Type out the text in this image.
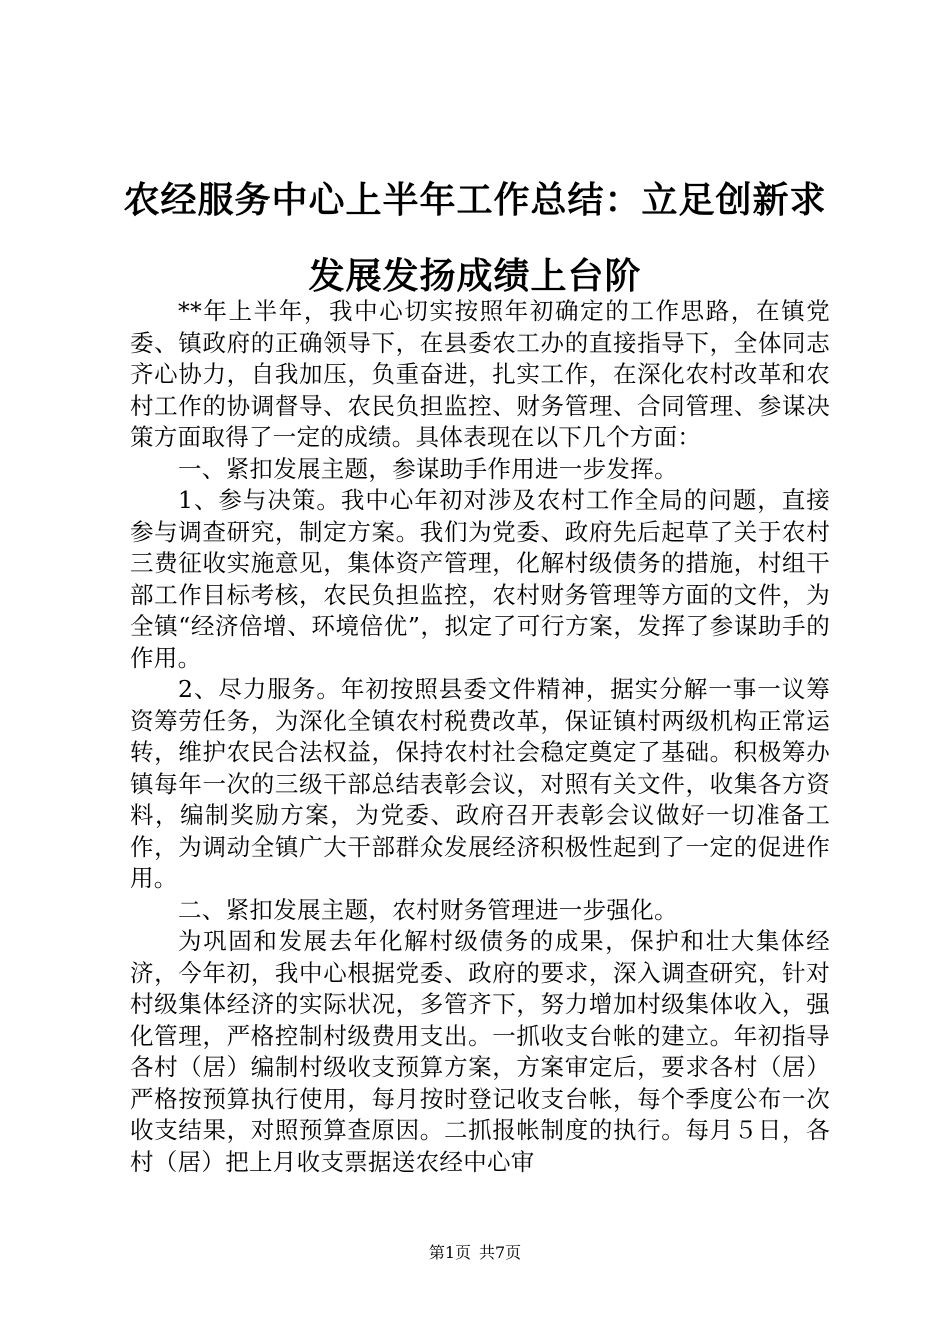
农经服务中心上半年工作总结：立足创新求发展发扬成绩上台阶

**年上半年，我中心切实按照年初确定的工作思路，在镇党委、镇政府的正确领导下，在县委农工办的直接指导下，全体同志齐心协力，自我加压，负重奋进，扎实工作，在深化农村改革和农村工作的协调督导、农民负担监控、财务管理、合同管理、参谋决策方面取得了一定的成绩。具体表现在以下几个方面：

一、紧扣发展主题，参谋助手作用进一步发挥。

1、参与决策。我中心年初对涉及农村工作全局的问题，直接参与调查研究，制定方案。我们为党委、政府先后起草了关于农村三费征收实施意见，集体资产管理，化解村级债务的措施，村组干部工作目标考核，农民负担监控，农村财务管理等方面的文件，为全镇“经济倍增、环境倍优”，拟定了可行方案，发挥了参谋助手的作用。

2、尽力服务。年初按照县委文件精神，据实分解一事一议筹资筹劳任务，为深化全镇农村税费改革，保证镇村两级机构正常运转，维护农民合法权益，保持农村社会稳定奠定了基础。积极筹办镇每年一次的三级干部总结表彰会议，对照有关文件，收集各方资料，编制奖励方案，为党委、政府召开表彰会议做好一切准备工作，为调动全镇广大干部群众发展经济积极性起到了一定的促进作用。

二、紧扣发展主题，农村财务管理进一步强化。

为巩固和发展去年化解村级债务的成果，保护和壮大集体经济，今年初，我中心根据党委、政府的要求，深入调查研究，针对村级集体经济的实际状况，多管齐下，努力增加村级集体收入，强化管理，严格控制村级费用支出。一抓收支台帐的建立。年初指导各村（居）编制村级收支预算方案，方案审定后，要求各村（居）严格按预算执行使用，每月按时登记收支台帐，每个季度公布一次收支结果，对照预算查原因。二抓报帐制度的执行。每月５日，各村（居）把上月收支票据送农经中心审

第1页 共7页
